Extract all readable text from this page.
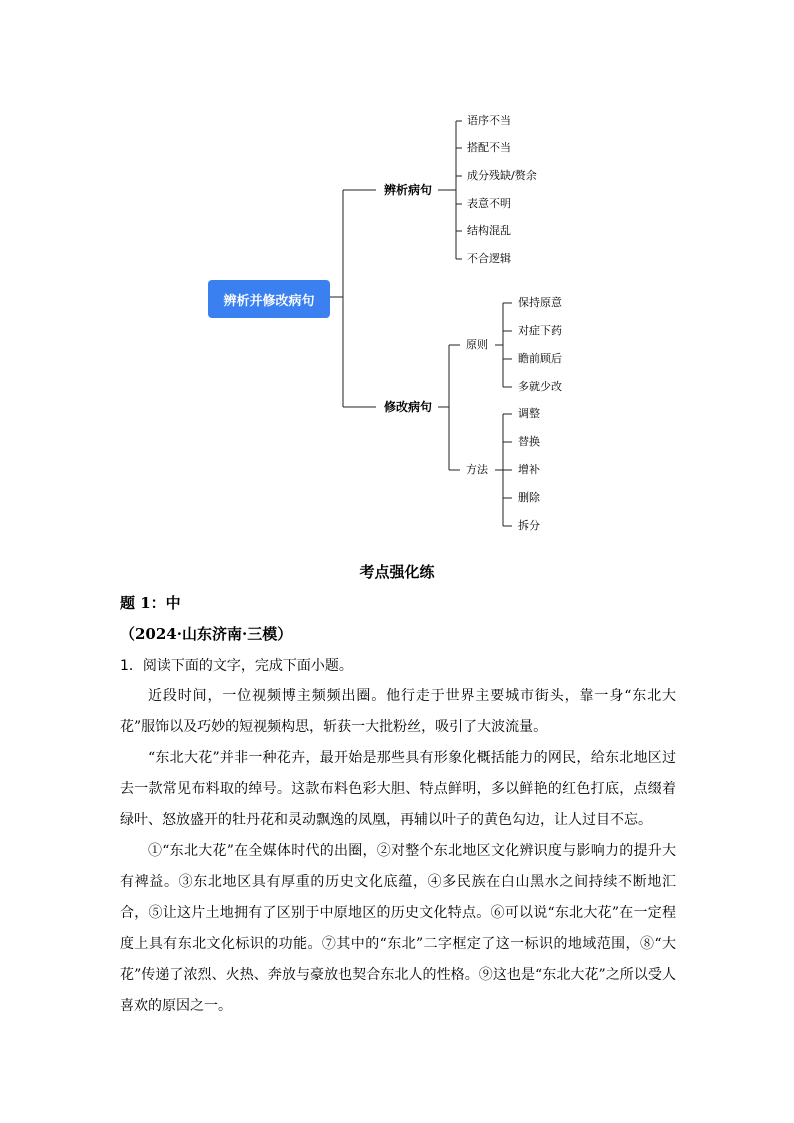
辨析并修改病句
辨析病句
语序不当
搭配不当
成分残缺/赘余
表意不明
结构混乱
不合逻辑
修改病句
原则
保持原意
对症下药
瞻前顾后
多就少改
方法
调整
替换
增补
删除
拆分
考点强化练
题 1：中
（2024·山东济南·三模）
1．阅读下面的文字，完成下面小题。

近段时间，一位视频博主频频出圈。他行走于世界主要城市街头，靠一身“东北大花”服饰以及巧妙的短视频构思，斩获一大批粉丝，吸引了大波流量。

“东北大花”并非一种花卉，最开始是那些具有形象化概括能力的网民，给东北地区过去一款常见布料取的绰号。这款布料色彩大胆、特点鲜明，多以鲜艳的红色打底，点缀着绿叶、怒放盛开的牡丹花和灵动飘逸的凤凰，再辅以叶子的黄色勾边，让人过目不忘。

①“东北大花”在全媒体时代的出圈，②对整个东北地区文化辨识度与影响力的提升大有裨益。③东北地区具有厚重的历史文化底蕴，④多民族在白山黑水之间持续不断地汇合，⑤让这片土地拥有了区别于中原地区的历史文化特点。⑥可以说“东北大花”在一定程度上具有东北文化标识的功能。⑦其中的“东北”二字框定了这一标识的地域范围，⑧“大花”传递了浓烈、火热、奔放与豪放也契合东北人的性格。⑨这也是“东北大花”之所以受人喜欢的原因之一。
